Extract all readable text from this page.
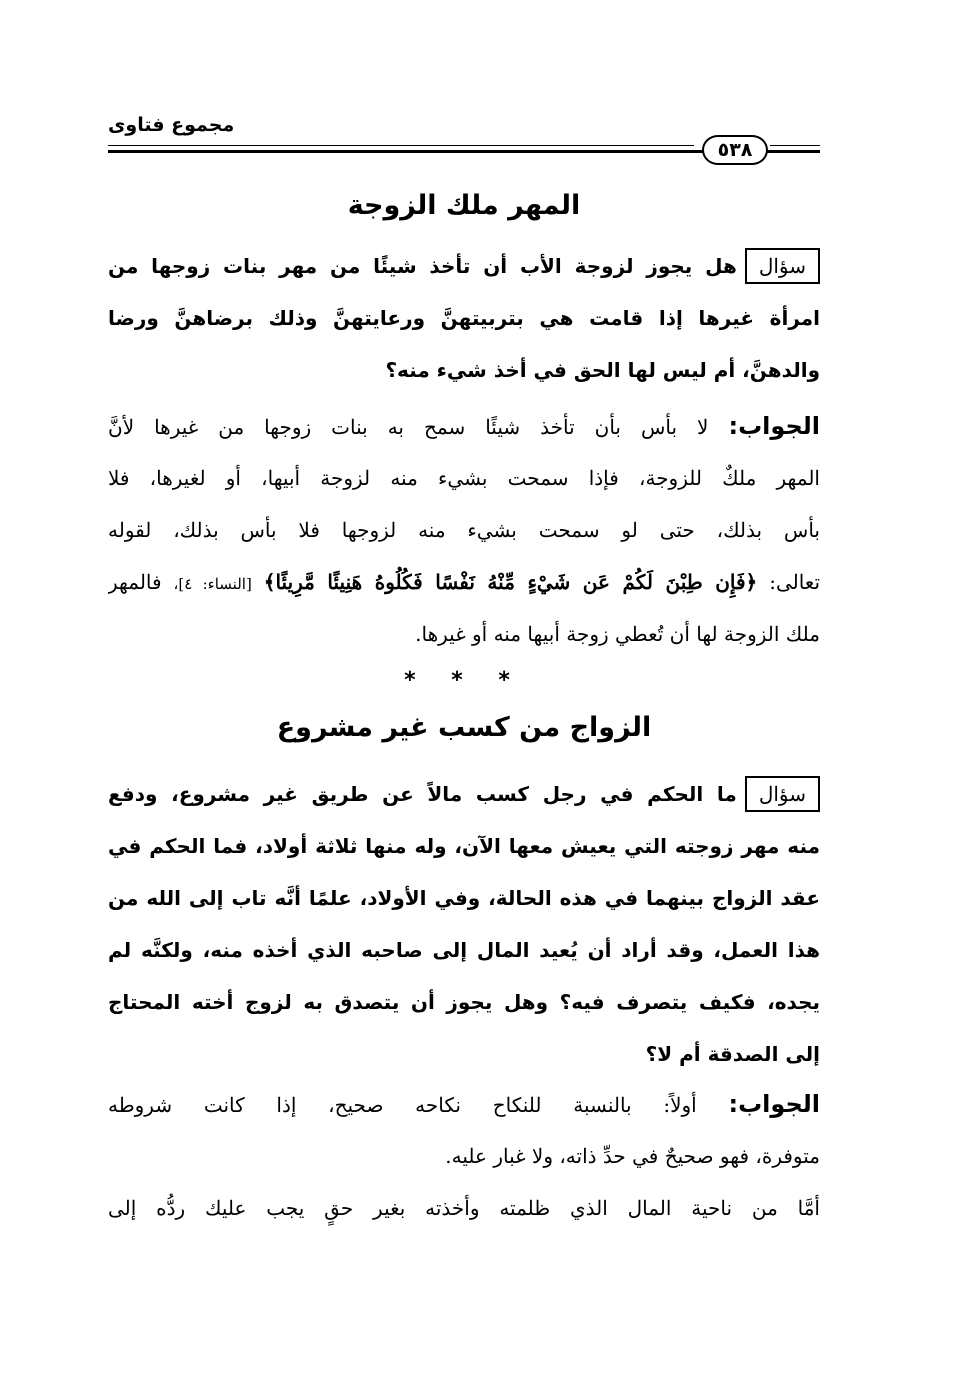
مجموع فتاوى
٥٣٨
المهر ملك الزوجة
سؤالهل يجوز لزوجة الأب أن تأخذ شيئًا من مهر بنات زوجها من
امرأة غيرها إذا قامت هي بتربيتهنَّ ورعايتهنَّ وذلك برضاهنَّ ورضا
والدهنَّ، أم ليس لها الحق في أخذ شيء منه؟
الجواب: لا بأس بأن تأخذ شيئًا سمح به بنات زوجها من غيرها لأنَّ
المهر ملكٌ للزوجة، فإذا سمحت بشيء منه لزوجة أبيها، أو لغيرها، فلا
بأس بذلك، حتى لو سمحت بشيء منه لزوجها فلا بأس بذلك، لقوله
تعالى: ﴿فَإِن طِبْنَ لَكُمْ عَن شَيْءٍ مِّنْهُ نَفْسًا فَكُلُوهُ هَنِيئًا مَّرِيئًا﴾ [النساء: ٤]، فالمهر
ملك الزوجة لها أن تُعطي زوجة أبيها منه أو غيرها.
* * *
الزواج من كسب غير مشروع
سؤالما الحكم في رجل كسب مالاً عن طريق غير مشروع، ودفع
منه مهر زوجته التي يعيش معها الآن، وله منها ثلاثة أولاد، فما الحكم في
عقد الزواج بينهما في هذه الحالة، وفي الأولاد، علمًا أنَّه تاب إلى الله من
هذا العمل، وقد أراد أن يُعيد المال إلى صاحبه الذي أخذه منه، ولكنَّه لم
يجده، فكيف يتصرف فيه؟ وهل يجوز أن يتصدق به لزوج أخته المحتاج
إلى الصدقة أم لا؟
الجواب: أولاً: بالنسبة للنكاح نكاحه صحيح، إذا كانت شروطه
متوفرة، فهو صحيحٌ في حدِّ ذاته، ولا غبار عليه.
أمَّا من ناحية المال الذي ظلمته وأخذته بغير حقٍ يجب عليك ردُّه إلى
